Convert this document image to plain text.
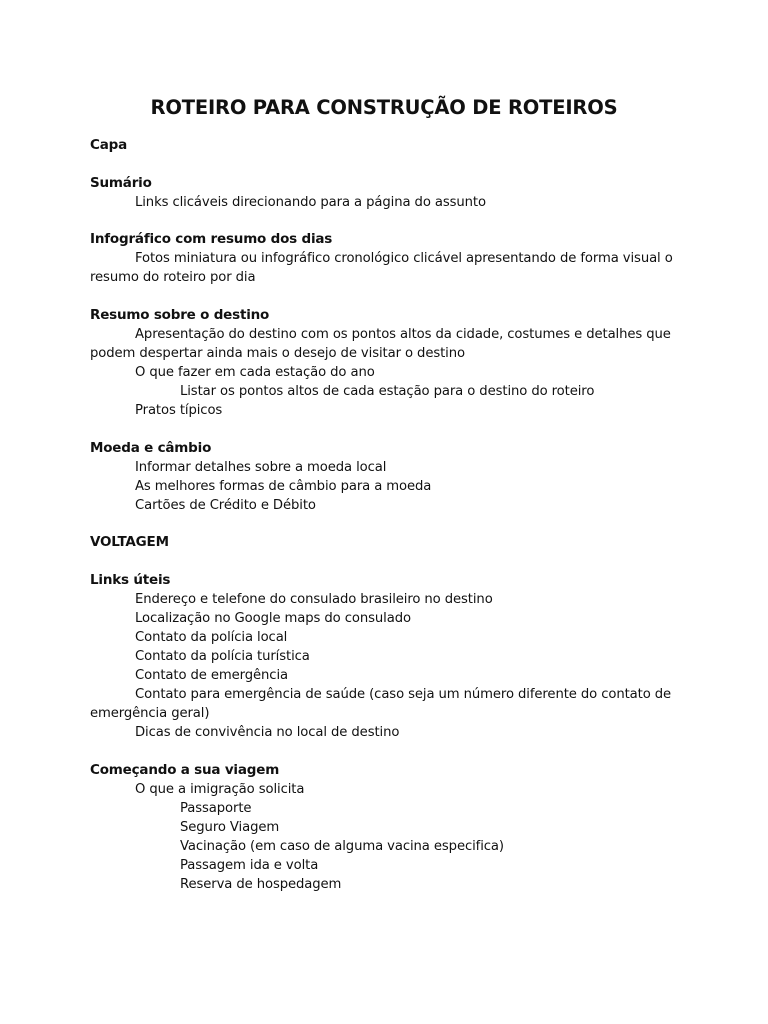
ROTEIRO PARA CONSTRUÇÃO DE ROTEIROS
Capa
Sumário
Links clicáveis direcionando para a página do assunto
Infográfico com resumo dos dias
Fotos miniatura ou infográfico cronológico clicável apresentando de forma visual o resumo do roteiro por dia
Resumo sobre o destino
Apresentação do destino com os pontos altos da cidade, costumes e detalhes que podem despertar ainda mais o desejo de visitar o destino
O que fazer em cada estação do ano
Listar os pontos altos de cada estação para o destino do roteiro
Pratos típicos
Moeda e câmbio
Informar detalhes sobre a moeda local
As melhores formas de câmbio para a moeda
Cartões de Crédito e Débito
VOLTAGEM
Links úteis
Endereço e telefone do consulado brasileiro no destino
Localização no Google maps do consulado
Contato da polícia local
Contato da polícia turística
Contato de emergência
Contato para emergência de saúde (caso seja um número diferente do contato de emergência geral)
Dicas de convivência no local de destino
Começando a sua viagem
O que a imigração solicita
Passaporte
Seguro Viagem
Vacinação (em caso de alguma vacina especifica)
Passagem ida e volta
Reserva de hospedagem
